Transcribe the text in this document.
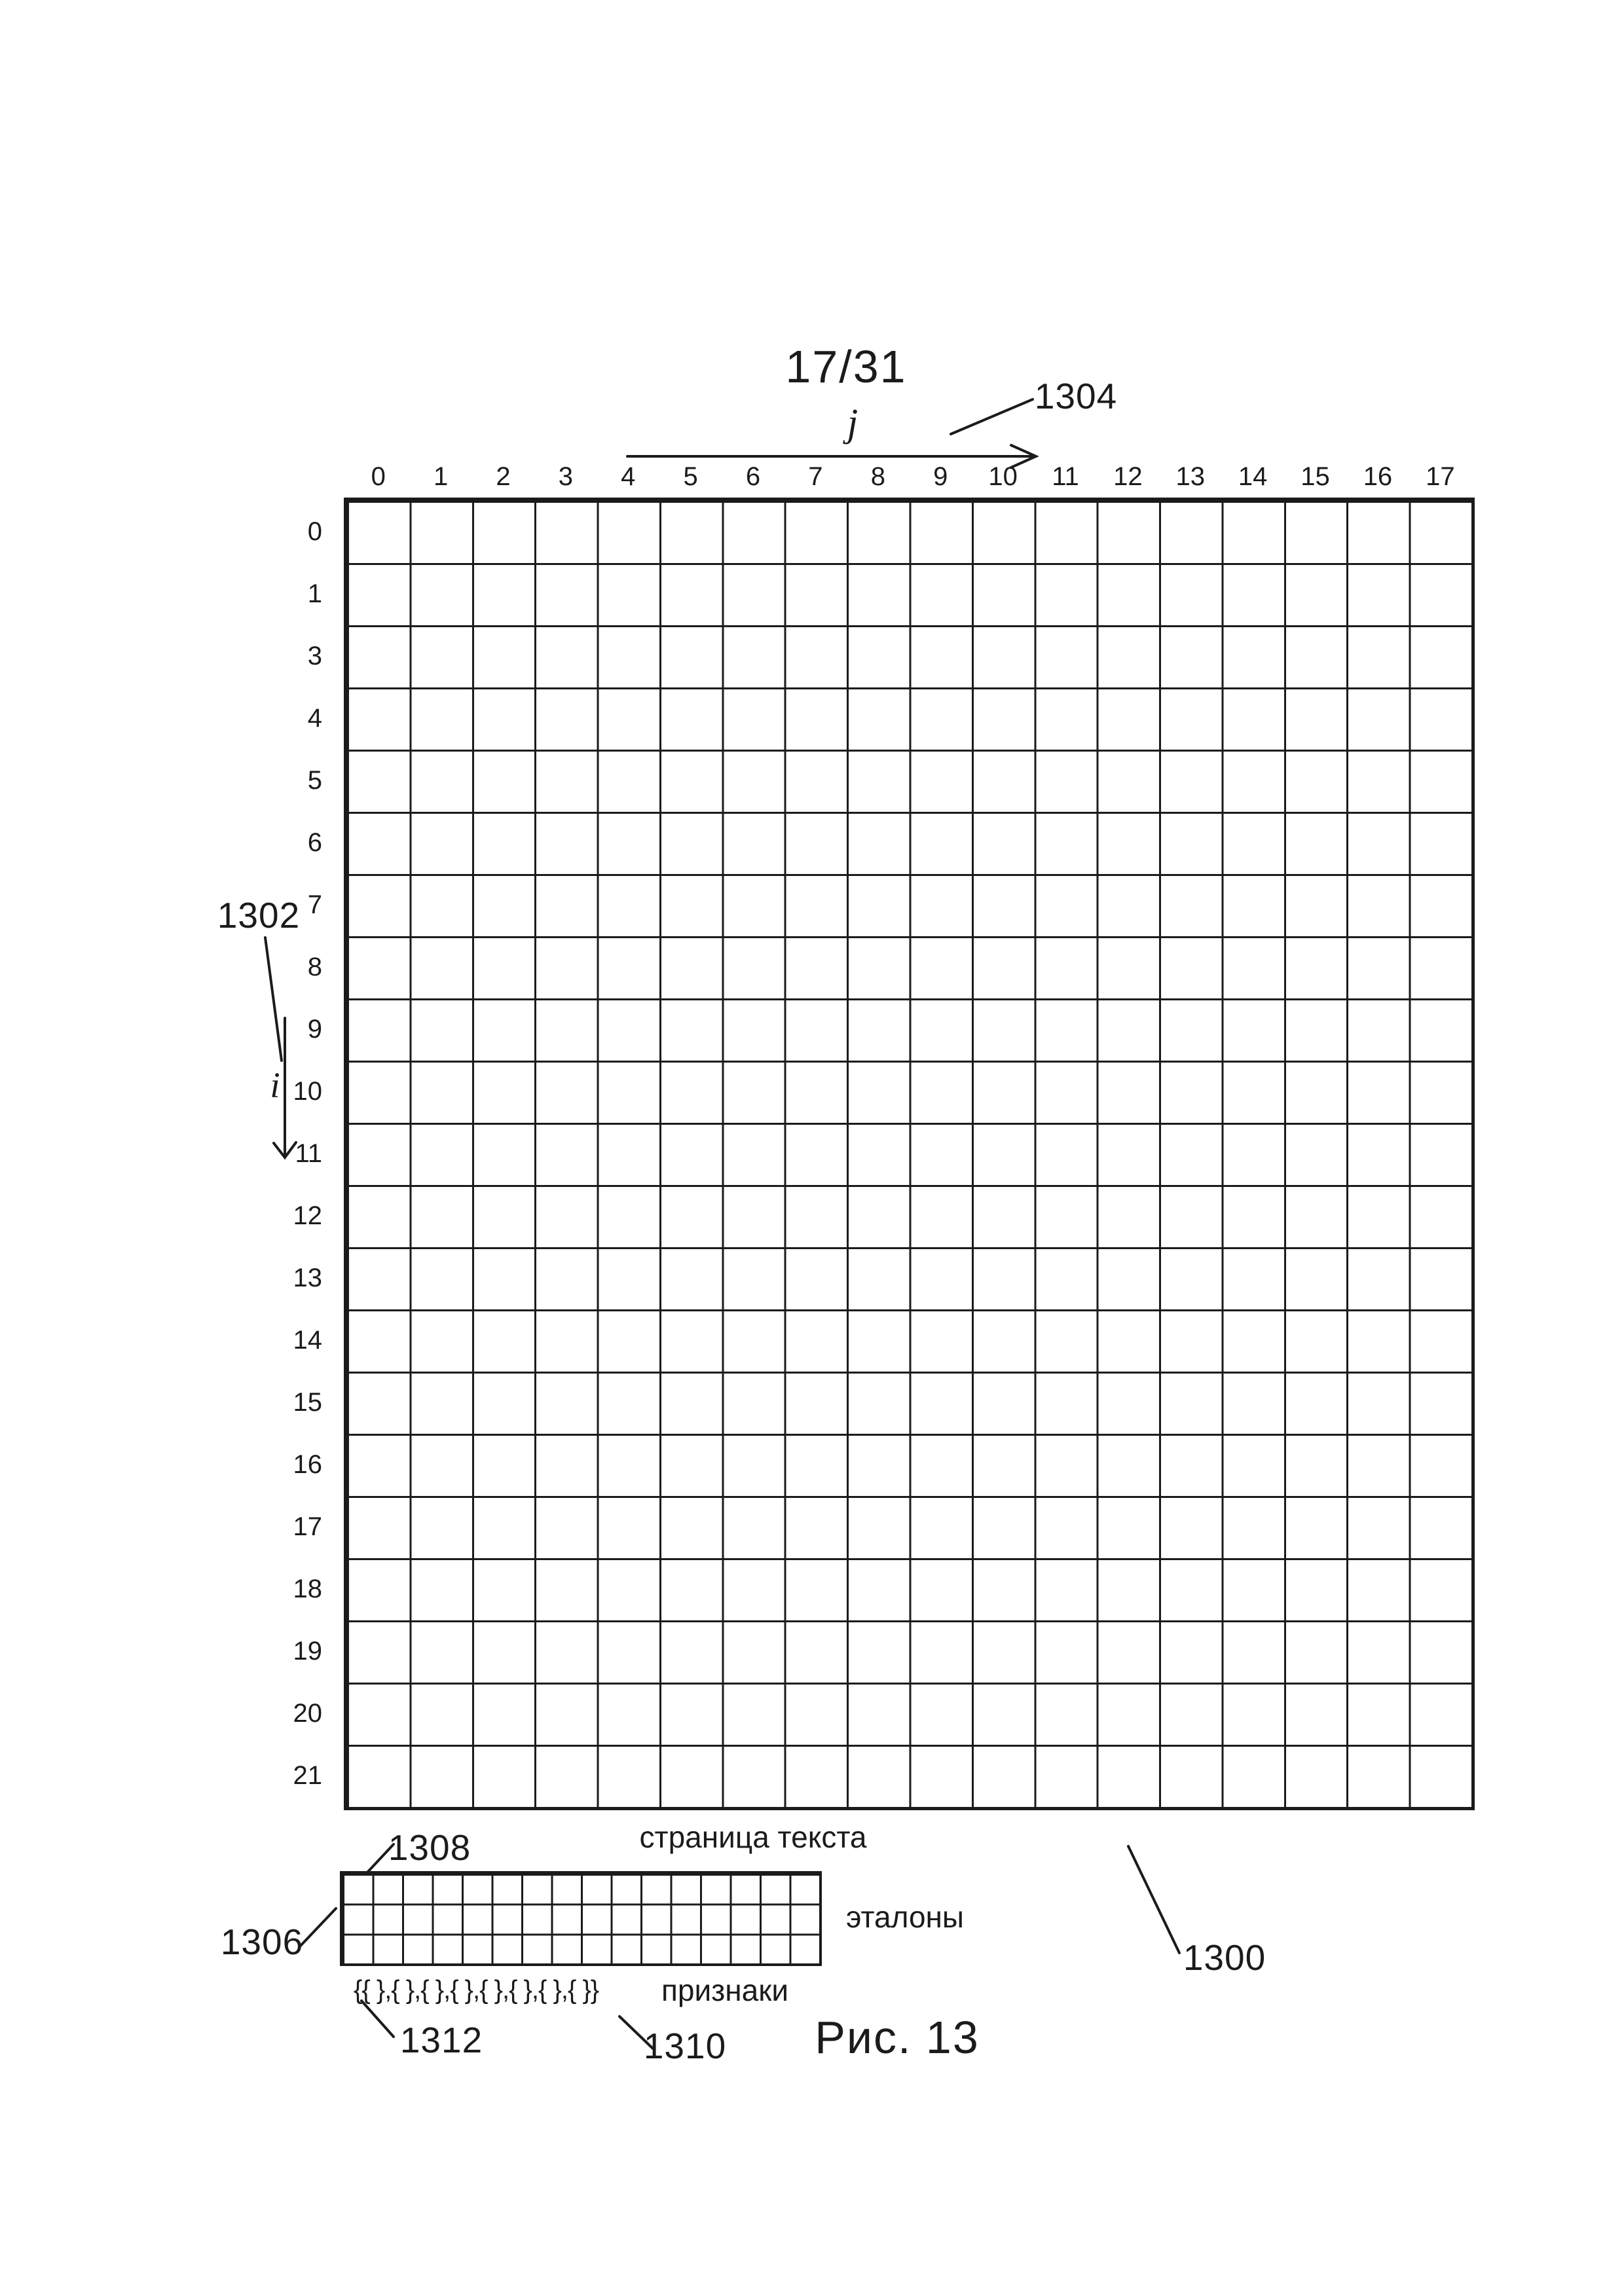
17/31
j
1304
0	1	2	3	4	5	6	7	8	9	10	11	12	13	14	15	16	17
0
1
3
4
5
6
7
8
9
10
11
12
13
14
15
16
17
18
19
20
21
i
1302
страница текста
1308
эталоны
1306
{{ },{ },{ },{ },{ },{ },{ },{ }} признаки
1312	1310
1300
Рис. 13
